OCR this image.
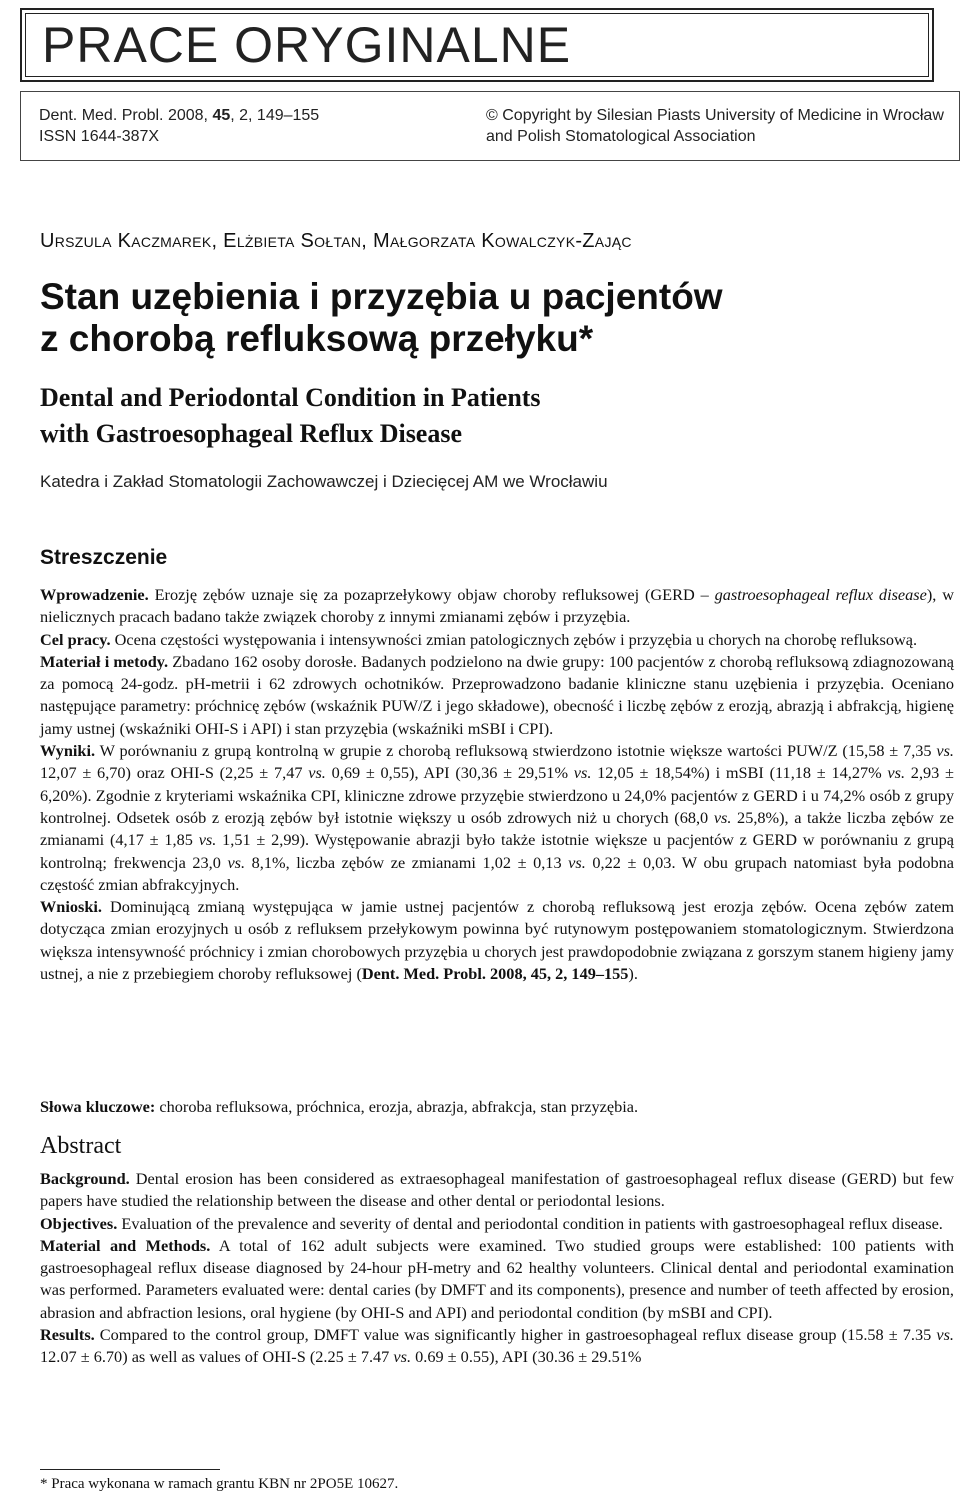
PRACE ORYGINALNE
Dent. Med. Probl. 2008, 45, 2, 149–155
ISSN 1644-387X
© Copyright by Silesian Piasts University of Medicine in Wrocław
and Polish Stomatological Association
Urszula Kaczmarek, Elżbieta Sołtan, Małgorzata Kowalczyk-Zając
Stan uzębienia i przyzębia u pacjentów
z chorobą refluksową przełyku*
Dental and Periodontal Condition in Patients
with Gastroesophageal Reflux Disease
Katedra i Zakład Stomatologii Zachowawczej i Dziecięcej AM we Wrocławiu
Streszczenie

Wprowadzenie. Erozję zębów uznaje się za pozaprzełykowy objaw choroby refluksowej (GERD – gastroesophageal reflux disease), w nielicznych pracach badano także związek choroby z innymi zmianami zębów i przyzębia.

Cel pracy. Ocena częstości występowania i intensywności zmian patologicznych zębów i przyzębia u chorych na chorobę refluksową.

Materiał i metody. Zbadano 162 osoby dorosłe. Badanych podzielono na dwie grupy: 100 pacjentów z chorobą refluksową zdiagnozowaną za pomocą 24-godz. pH-metrii i 62 zdrowych ochotników. Przeprowadzono badanie kliniczne stanu uzębienia i przyzębia. Oceniano następujące parametry: próchnicę zębów (wskaźnik PUW/Z i jego składowe), obecność i liczbę zębów z erozją, abrazją i abfrakcją, higienę jamy ustnej (wskaźniki OHI-S i API) i stan przyzębia (wskaźniki mSBI i CPI).

Wyniki. W porównaniu z grupą kontrolną w grupie z chorobą refluksową stwierdzono istotnie większe wartości PUW/Z (15,58 ± 7,35 vs. 12,07 ± 6,70) oraz OHI-S (2,25 ± 7,47 vs. 0,69 ± 0,55), API (30,36 ± 29,51% vs. 12,05 ± 18,54%) i mSBI (11,18 ± 14,27% vs. 2,93 ± 6,20%). Zgodnie z kryteriami wskaźnika CPI, kliniczne zdrowe przyzębie stwierdzono u 24,0% pacjentów z GERD i u 74,2% osób z grupy kontrolnej. Odsetek osób z erozją zębów był istotnie większy u osób zdrowych niż u chorych (68,0 vs. 25,8%), a także liczba zębów ze zmianami (4,17 ± 1,85 vs. 1,51 ± 2,99). Występowanie abrazji było także istotnie większe u pacjentów z GERD w porównaniu z grupą kontrolną; frekwencja 23,0 vs. 8,1%, liczba zębów ze zmianami 1,02 ± 0,13 vs. 0,22 ± 0,03. W obu grupach natomiast była podobna częstość zmian abfrakcyjnych.

Wnioski. Dominującą zmianą występująca w jamie ustnej pacjentów z chorobą refluksową jest erozja zębów. Ocena zębów zatem dotycząca zmian erozyjnych u osób z refluksem przełykowym powinna być rutynowym postępowaniem stomatologicznym. Stwierdzona większa intensywność próchnicy i zmian chorobowych przyzębia u chorych jest prawdopodobnie związana z gorszym stanem higieny jamy ustnej, a nie z przebiegiem choroby refluksowej (Dent. Med. Probl. 2008, 45, 2, 149–155).

Słowa kluczowe: choroba refluksowa, próchnica, erozja, abrazja, abfrakcja, stan przyzębia.
Abstract

Background. Dental erosion has been considered as extraesophageal manifestation of gastroesophageal reflux disease (GERD) but few papers have studied the relationship between the disease and other dental or periodontal lesions.

Objectives. Evaluation of the prevalence and severity of dental and periodontal condition in patients with gastroesophageal reflux disease.

Material and Methods. A total of 162 adult subjects were examined. Two studied groups were established: 100 patients with gastroesophageal reflux disease diagnosed by 24-hour pH-metry and 62 healthy volunteers. Clinical dental and periodontal examination was performed. Parameters evaluated were: dental caries (by DMFT and its components), presence and number of teeth affected by erosion, abrasion and abfraction lesions, oral hygiene (by OHI-S and API) and periodontal condition (by mSBI and CPI).

Results. Compared to the control group, DMFT value was significantly higher in gastroesophageal reflux disease group (15.58 ± 7.35 vs. 12.07 ± 6.70) as well as values of OHI-S (2.25 ± 7.47 vs. 0.69 ± 0.55), API (30.36 ± 29.51%

* Praca wykonana w ramach grantu KBN nr 2PO5E 10627.
